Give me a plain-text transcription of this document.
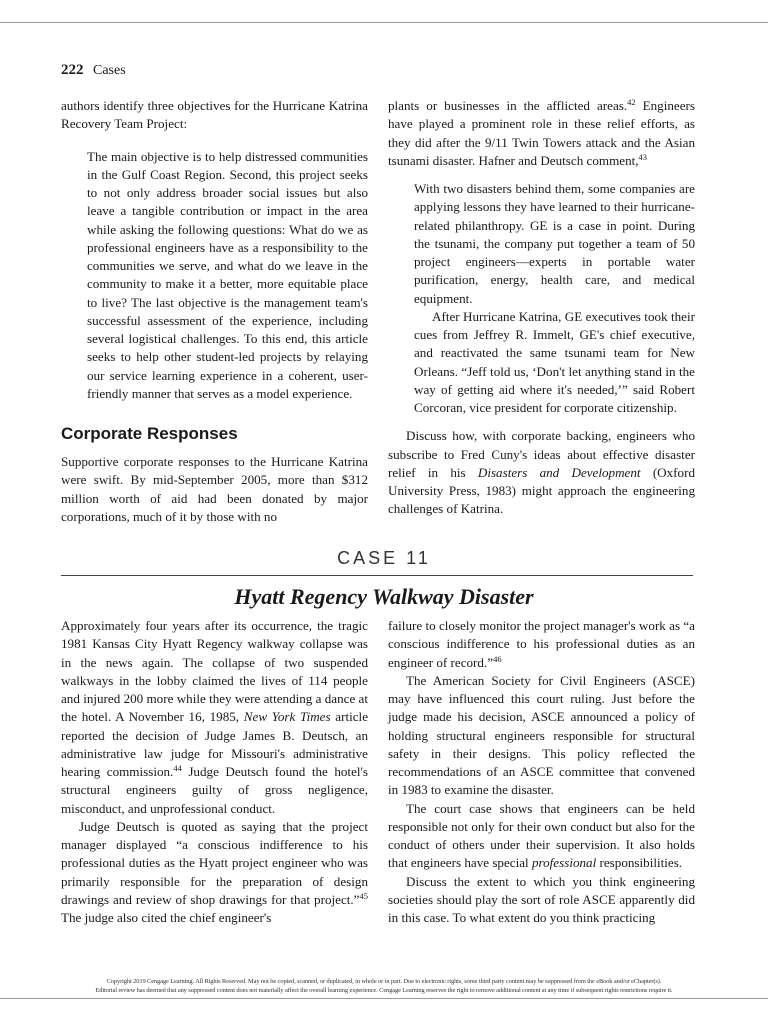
222 Cases

authors identify three objectives for the Hurricane Katrina Recovery Team Project:

The main objective is to help distressed communities in the Gulf Coast Region. Second, this project seeks to not only address broader social issues but also leave a tangible contribution or impact in the area while asking the following questions: What do we as professional engineers have as a responsibility to the communities we serve, and what do we leave in the community to make it a better, more equitable place to live? The last objective is the management team's successful assessment of the experience, including several logistical challenges. To this end, this article seeks to help other student-led projects by relaying our service learning experience in a coherent, user-friendly manner that serves as a model experience.

Corporate Responses

Supportive corporate responses to the Hurricane Katrina were swift. By mid-September 2005, more than $312 million worth of aid had been donated by major corporations, much of it by those with no

plants or businesses in the afflicted areas.$^{42}$ Engineers have played a prominent role in these relief efforts, as they did after the 9/11 Twin Towers attack and the Asian tsunami disaster. Hafner and Deutsch comment,$^{43}$

With two disasters behind them, some companies are applying lessons they have learned to their hurricane-related philanthropy. GE is a case in point. During the tsunami, the company put together a team of 50 project engineers—experts in portable water purification, energy, health care, and medical equipment.

After Hurricane Katrina, GE executives took their cues from Jeffrey R. Immelt, GE's chief executive, and reactivated the same tsunami team for New Orleans. “Jeff told us, ‘Don't let anything stand in the way of getting aid where it's needed,’” said Robert Corcoran, vice president for corporate citizenship.

Discuss how, with corporate backing, engineers who subscribe to Fred Cuny's ideas about effective disaster relief in his Disasters and Development (Oxford University Press, 1983) might approach the engineering challenges of Katrina.

CASE 11
Hyatt Regency Walkway Disaster

Approximately four years after its occurrence, the tragic 1981 Kansas City Hyatt Regency walkway collapse was in the news again. The collapse of two suspended walkways in the lobby claimed the lives of 114 people and injured 200 more while they were attending a dance at the hotel. A November 16, 1985, New York Times article reported the decision of Judge James B. Deutsch, an administrative law judge for Missouri's administrative hearing commission.$^{44}$ Judge Deutsch found the hotel's structural engineers guilty of gross negligence, misconduct, and unprofessional conduct.

Judge Deutsch is quoted as saying that the project manager displayed “a conscious indifference to his professional duties as the Hyatt project engineer who was primarily responsible for the preparation of design drawings and review of shop drawings for that project.”$^{45}$ The judge also cited the chief engineer's

failure to closely monitor the project manager's work as “a conscious indifference to his professional duties as an engineer of record.”$^{46}$

The American Society for Civil Engineers (ASCE) may have influenced this court ruling. Just before the judge made his decision, ASCE announced a policy of holding structural engineers responsible for structural safety in their designs. This policy reflected the recommendations of an ASCE committee that convened in 1983 to examine the disaster.

The court case shows that engineers can be held responsible not only for their own conduct but also for the conduct of others under their supervision. It also holds that engineers have special professional responsibilities.

Discuss the extent to which you think engineering societies should play the sort of role ASCE apparently did in this case. To what extent do you think practicing

Copyright 2019 Cengage Learning. All Rights Reserved. May not be copied, scanned, or duplicated, in whole or in part. Due to electronic rights, some third party content may be suppressed from the eBook and/or eChapter(s).
Editorial review has deemed that any suppressed content does not materially affect the overall learning experience. Cengage Learning reserves the right to remove additional content at any time if subsequent rights restrictions require it.
